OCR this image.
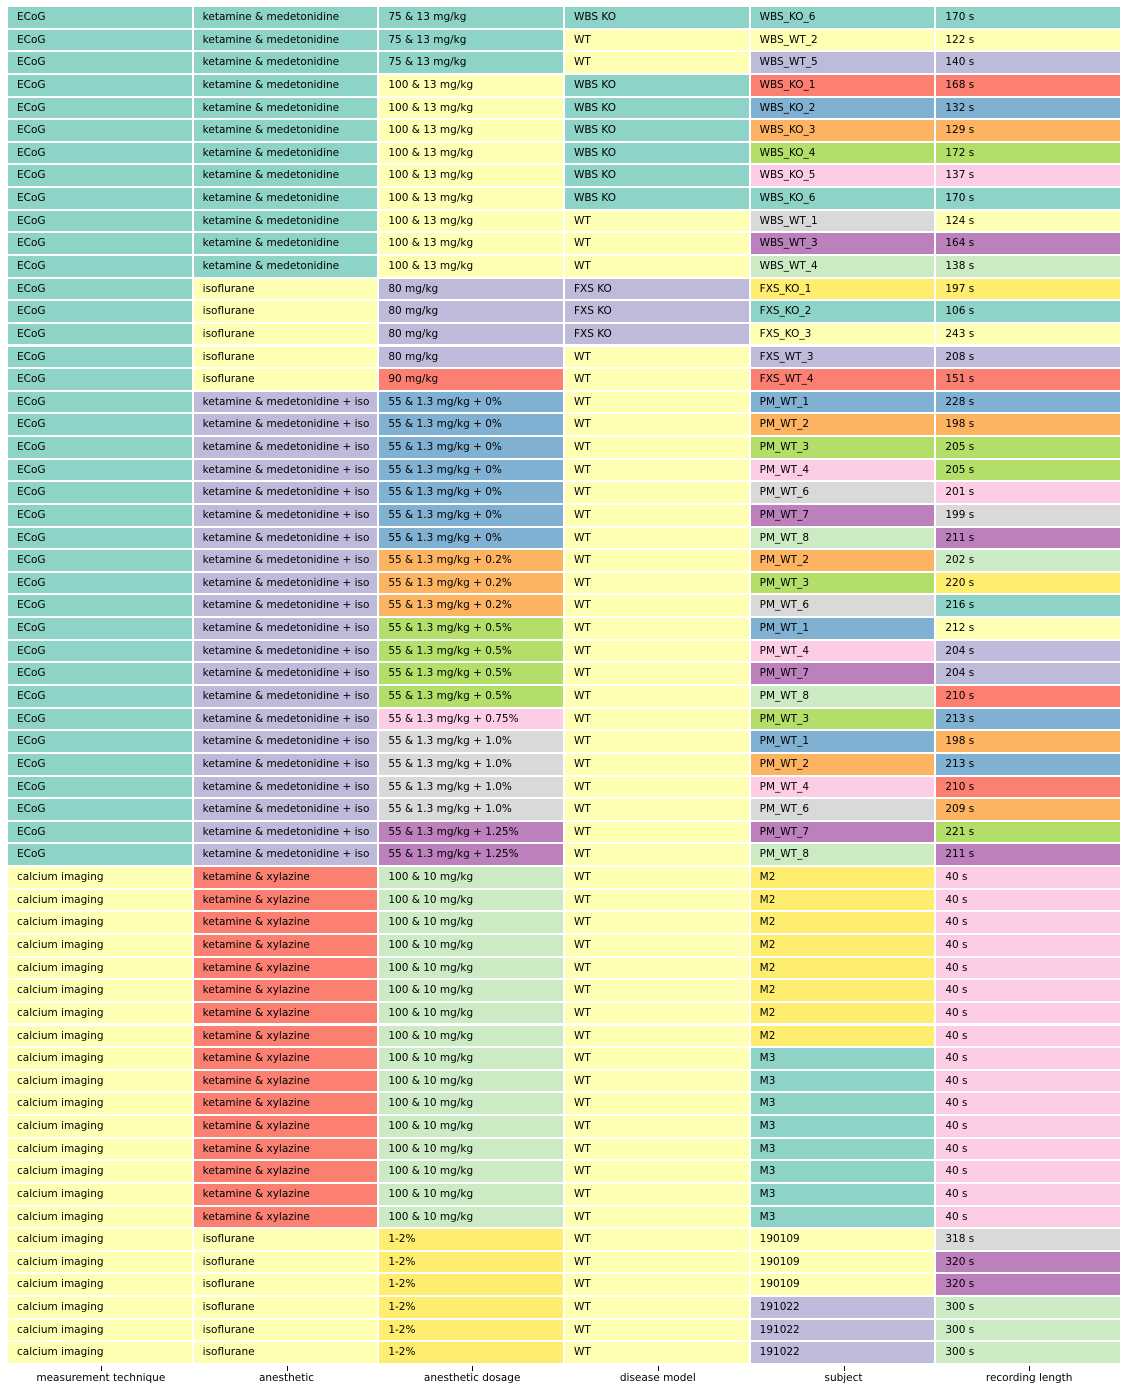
ECoG	ketamine & medetonidine	75 & 13 mg/kg	WBS KO	WBS_KO_6	170 s
ECoG	ketamine & medetonidine	75 & 13 mg/kg	WT	WBS_WT_2	122 s
ECoG	ketamine & medetonidine	75 & 13 mg/kg	WT	WBS_WT_5	140 s
ECoG	ketamine & medetonidine	100 & 13 mg/kg	WBS KO	WBS_KO_1	168 s
ECoG	ketamine & medetonidine	100 & 13 mg/kg	WBS KO	WBS_KO_2	132 s
ECoG	ketamine & medetonidine	100 & 13 mg/kg	WBS KO	WBS_KO_3	129 s
ECoG	ketamine & medetonidine	100 & 13 mg/kg	WBS KO	WBS_KO_4	172 s
ECoG	ketamine & medetonidine	100 & 13 mg/kg	WBS KO	WBS_KO_5	137 s
ECoG	ketamine & medetonidine	100 & 13 mg/kg	WBS KO	WBS_KO_6	170 s
ECoG	ketamine & medetonidine	100 & 13 mg/kg	WT	WBS_WT_1	124 s
ECoG	ketamine & medetonidine	100 & 13 mg/kg	WT	WBS_WT_3	164 s
ECoG	ketamine & medetonidine	100 & 13 mg/kg	WT	WBS_WT_4	138 s
ECoG	isoflurane	80 mg/kg	FXS KO	FXS_KO_1	197 s
ECoG	isoflurane	80 mg/kg	FXS KO	FXS_KO_2	106 s
ECoG	isoflurane	80 mg/kg	FXS KO	FXS_KO_3	243 s
ECoG	isoflurane	80 mg/kg	WT	FXS_WT_3	208 s
ECoG	isoflurane	90 mg/kg	WT	FXS_WT_4	151 s
ECoG	ketamine & medetonidine + iso	55 & 1.3 mg/kg + 0%	WT	PM_WT_1	228 s
ECoG	ketamine & medetonidine + iso	55 & 1.3 mg/kg + 0%	WT	PM_WT_2	198 s
ECoG	ketamine & medetonidine + iso	55 & 1.3 mg/kg + 0%	WT	PM_WT_3	205 s
ECoG	ketamine & medetonidine + iso	55 & 1.3 mg/kg + 0%	WT	PM_WT_4	205 s
ECoG	ketamine & medetonidine + iso	55 & 1.3 mg/kg + 0%	WT	PM_WT_6	201 s
ECoG	ketamine & medetonidine + iso	55 & 1.3 mg/kg + 0%	WT	PM_WT_7	199 s
ECoG	ketamine & medetonidine + iso	55 & 1.3 mg/kg + 0%	WT	PM_WT_8	211 s
ECoG	ketamine & medetonidine + iso	55 & 1.3 mg/kg + 0.2%	WT	PM_WT_2	202 s
ECoG	ketamine & medetonidine + iso	55 & 1.3 mg/kg + 0.2%	WT	PM_WT_3	220 s
ECoG	ketamine & medetonidine + iso	55 & 1.3 mg/kg + 0.2%	WT	PM_WT_6	216 s
ECoG	ketamine & medetonidine + iso	55 & 1.3 mg/kg + 0.5%	WT	PM_WT_1	212 s
ECoG	ketamine & medetonidine + iso	55 & 1.3 mg/kg + 0.5%	WT	PM_WT_4	204 s
ECoG	ketamine & medetonidine + iso	55 & 1.3 mg/kg + 0.5%	WT	PM_WT_7	204 s
ECoG	ketamine & medetonidine + iso	55 & 1.3 mg/kg + 0.5%	WT	PM_WT_8	210 s
ECoG	ketamine & medetonidine + iso	55 & 1.3 mg/kg + 0.75%	WT	PM_WT_3	213 s
ECoG	ketamine & medetonidine + iso	55 & 1.3 mg/kg + 1.0%	WT	PM_WT_1	198 s
ECoG	ketamine & medetonidine + iso	55 & 1.3 mg/kg + 1.0%	WT	PM_WT_2	213 s
ECoG	ketamine & medetonidine + iso	55 & 1.3 mg/kg + 1.0%	WT	PM_WT_4	210 s
ECoG	ketamine & medetonidine + iso	55 & 1.3 mg/kg + 1.0%	WT	PM_WT_6	209 s
ECoG	ketamine & medetonidine + iso	55 & 1.3 mg/kg + 1.25%	WT	PM_WT_7	221 s
ECoG	ketamine & medetonidine + iso	55 & 1.3 mg/kg + 1.25%	WT	PM_WT_8	211 s
calcium imaging	ketamine & xylazine	100 & 10 mg/kg	WT	M2	40 s
calcium imaging	ketamine & xylazine	100 & 10 mg/kg	WT	M2	40 s
calcium imaging	ketamine & xylazine	100 & 10 mg/kg	WT	M2	40 s
calcium imaging	ketamine & xylazine	100 & 10 mg/kg	WT	M2	40 s
calcium imaging	ketamine & xylazine	100 & 10 mg/kg	WT	M2	40 s
calcium imaging	ketamine & xylazine	100 & 10 mg/kg	WT	M2	40 s
calcium imaging	ketamine & xylazine	100 & 10 mg/kg	WT	M2	40 s
calcium imaging	ketamine & xylazine	100 & 10 mg/kg	WT	M2	40 s
calcium imaging	ketamine & xylazine	100 & 10 mg/kg	WT	M3	40 s
calcium imaging	ketamine & xylazine	100 & 10 mg/kg	WT	M3	40 s
calcium imaging	ketamine & xylazine	100 & 10 mg/kg	WT	M3	40 s
calcium imaging	ketamine & xylazine	100 & 10 mg/kg	WT	M3	40 s
calcium imaging	ketamine & xylazine	100 & 10 mg/kg	WT	M3	40 s
calcium imaging	ketamine & xylazine	100 & 10 mg/kg	WT	M3	40 s
calcium imaging	ketamine & xylazine	100 & 10 mg/kg	WT	M3	40 s
calcium imaging	ketamine & xylazine	100 & 10 mg/kg	WT	M3	40 s
calcium imaging	isoflurane	1-2%	WT	190109	318 s
calcium imaging	isoflurane	1-2%	WT	190109	320 s
calcium imaging	isoflurane	1-2%	WT	190109	320 s
calcium imaging	isoflurane	1-2%	WT	191022	300 s
calcium imaging	isoflurane	1-2%	WT	191022	300 s
calcium imaging	isoflurane	1-2%	WT	191022	300 s
measurement technique	anesthetic	anesthetic dosage	disease model	subject	recording length
